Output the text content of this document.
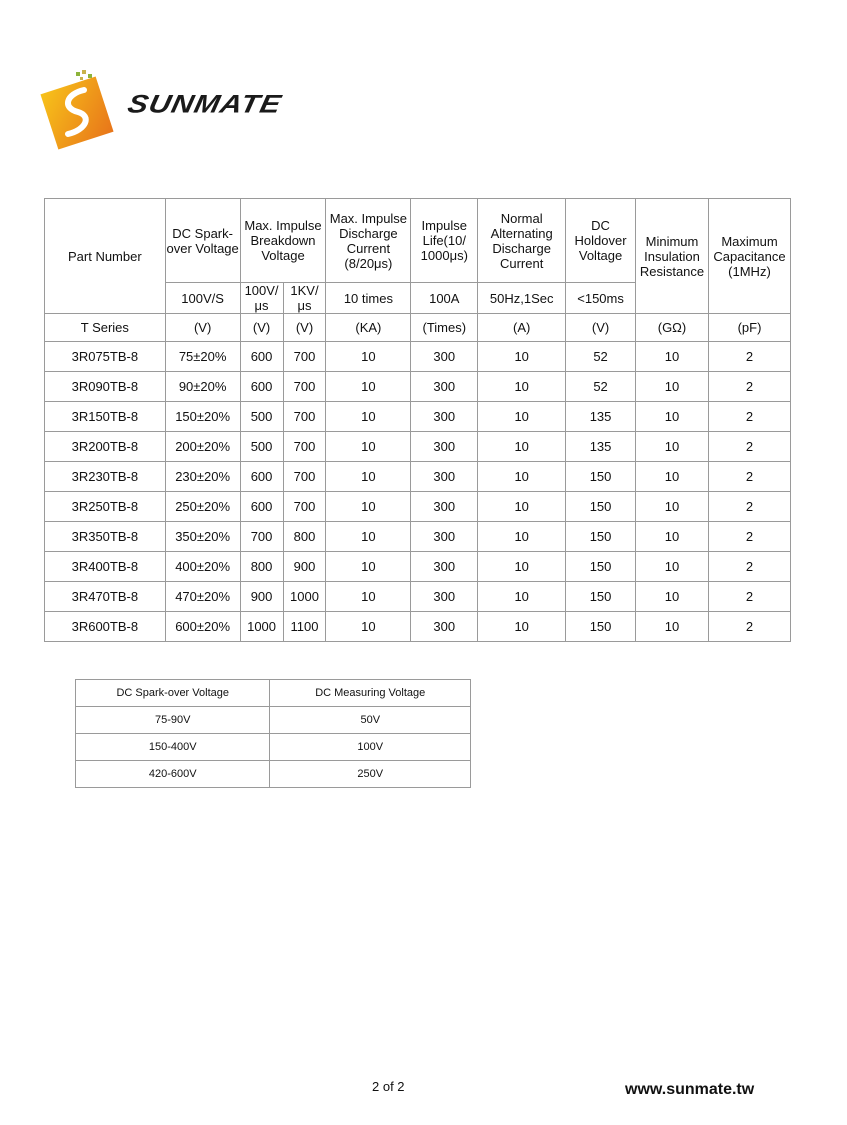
SUNMATE
Part Number	DC Spark-over Voltage	Max. Impulse Breakdown Voltage		Max. Impulse Discharge Current (8/20μs)	Impulse Life(10/ 1000μs)	Normal Alternating Discharge Current	DC Holdover Voltage	Minimum Insulation Resistance	Maximum Capacitance (1MHz)
	100V/S	100V/ μs	1KV/ μs	10 times	100A	50Hz,1Sec	<150ms		
T Series	(V)	(V)	(V)	(KA)	(Times)	(A)	(V)	(GΩ)	(pF)
3R075TB-8	75±20%	600	700	10	300	10	52	10	2
3R090TB-8	90±20%	600	700	10	300	10	52	10	2
3R150TB-8	150±20%	500	700	10	300	10	135	10	2
3R200TB-8	200±20%	500	700	10	300	10	135	10	2
3R230TB-8	230±20%	600	700	10	300	10	150	10	2
3R250TB-8	250±20%	600	700	10	300	10	150	10	2
3R350TB-8	350±20%	700	800	10	300	10	150	10	2
3R400TB-8	400±20%	800	900	10	300	10	150	10	2
3R470TB-8	470±20%	900	1000	10	300	10	150	10	2
3R600TB-8	600±20%	1000	1100	10	300	10	150	10	2
DC Spark-over Voltage	DC Measuring Voltage
75-90V	50V
150-400V	100V
420-600V	250V
2 of 2	www.sunmate.tw
